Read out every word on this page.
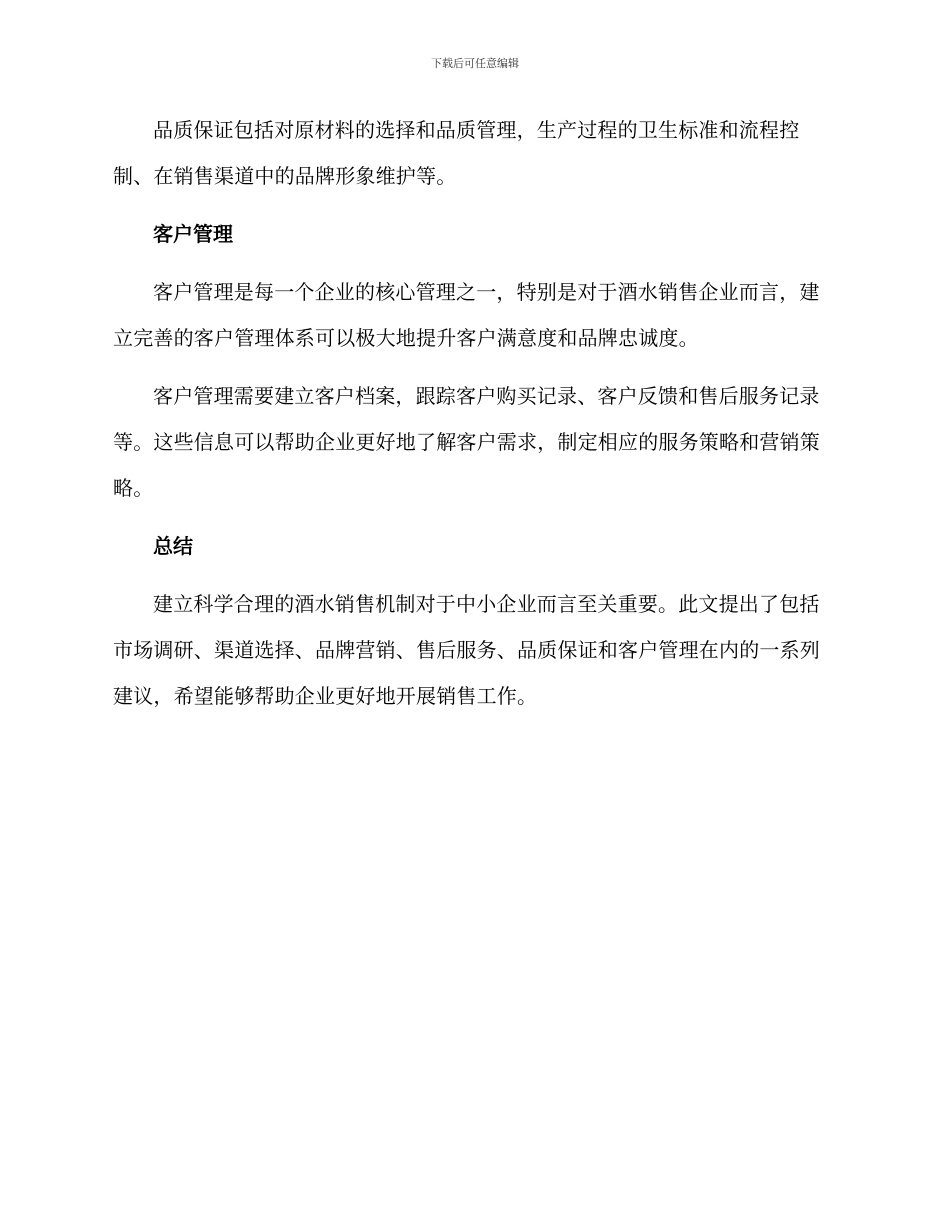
下载后可任意编辑

品质保证包括对原材料的选择和品质管理，生产过程的卫生标准和流程控制、在销售渠道中的品牌形象维护等。

客户管理

客户管理是每一个企业的核心管理之一，特别是对于酒水销售企业而言，建立完善的客户管理体系可以极大地提升客户满意度和品牌忠诚度。

客户管理需要建立客户档案，跟踪客户购买记录、客户反馈和售后服务记录等。这些信息可以帮助企业更好地了解客户需求，制定相应的服务策略和营销策略。

总结

建立科学合理的酒水销售机制对于中小企业而言至关重要。此文提出了包括市场调研、渠道选择、品牌营销、售后服务、品质保证和客户管理在内的一系列建议，希望能够帮助企业更好地开展销售工作。
